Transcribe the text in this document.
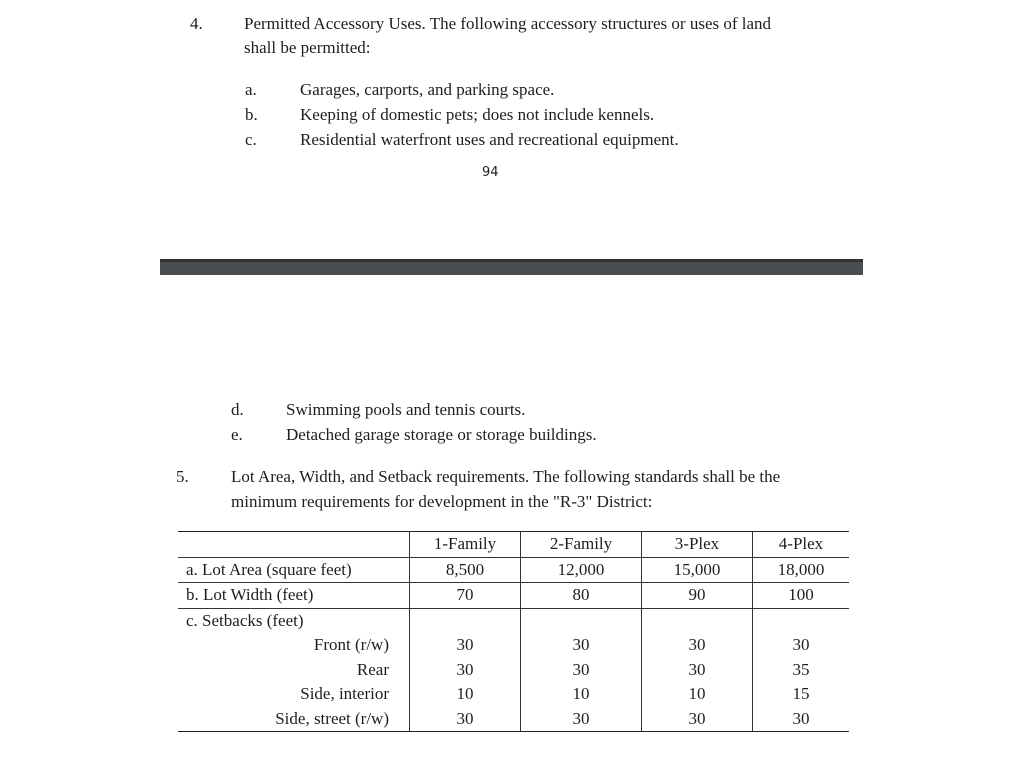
4. Permitted Accessory Uses. The following accessory structures or uses of land
shall be permitted:
a.	Garages, carports, and parking space.
b. Keeping of domestic pets; does not include kennels.
c.	Residential waterfront uses and recreational equipment.
94
d. Swimming pools and tennis courts.
e.	Detached garage storage or storage buildings.
5. Lot Area, Width, and Setback requirements. The following standards shall be the
minimum requirements for development in the "R-3" District:
	1-Family	2-Family	3-Plex	4-Plex
a. Lot Area (square feet)	8,500	12,000	15,000	18,000
b. Lot Width (feet)	70	80	90	100
c. Setbacks (feet)				
Front (r/w)	30	30	30	30
Rear	30	30	30	35
Side, interior	10	10	10	15
Side, street (r/w)	30	30	30	30
